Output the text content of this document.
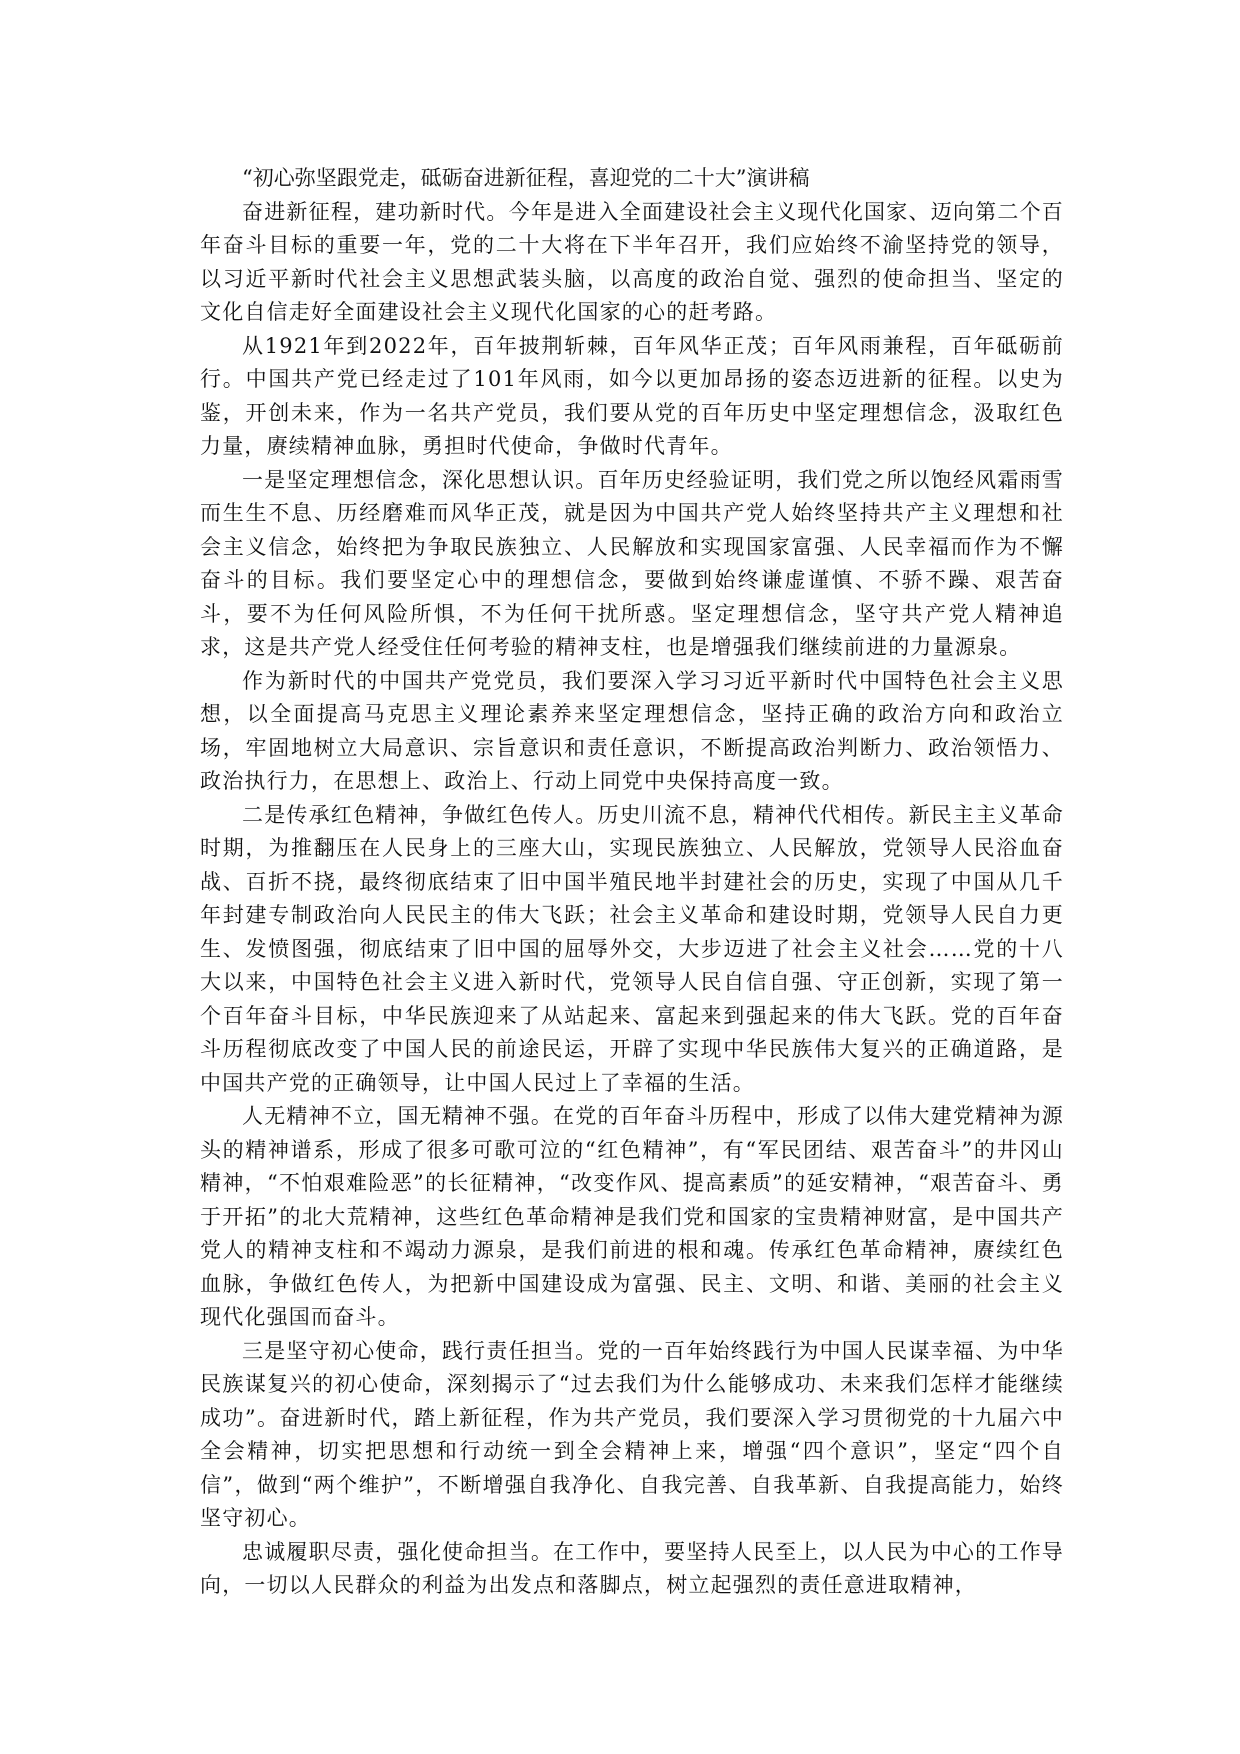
“初心弥坚跟党走，砥砺奋进新征程，喜迎党的二十大”演讲稿

奋进新征程，建功新时代。今年是进入全面建设社会主义现代化国家、迈向第二个百年奋斗目标的重要一年，党的二十大将在下半年召开，我们应始终不渝坚持党的领导，以习近平新时代社会主义思想武装头脑，以高度的政治自觉、强烈的使命担当、坚定的文化自信走好全面建设社会主义现代化国家的心的赶考路。

从1921年到2022年，百年披荆斩棘，百年风华正茂；百年风雨兼程，百年砥砺前行。中国共产党已经走过了101年风雨，如今以更加昂扬的姿态迈进新的征程。以史为鉴，开创未来，作为一名共产党员，我们要从党的百年历史中坚定理想信念，汲取红色力量，赓续精神血脉，勇担时代使命，争做时代青年。

一是坚定理想信念，深化思想认识。百年历史经验证明，我们党之所以饱经风霜雨雪而生生不息、历经磨难而风华正茂，就是因为中国共产党人始终坚持共产主义理想和社会主义信念，始终把为争取民族独立、人民解放和实现国家富强、人民幸福而作为不懈奋斗的目标。我们要坚定心中的理想信念，要做到始终谦虚谨慎、不骄不躁、艰苦奋斗，要不为任何风险所惧，不为任何干扰所惑。坚定理想信念，坚守共产党人精神追求，这是共产党人经受住任何考验的精神支柱，也是增强我们继续前进的力量源泉。

作为新时代的中国共产党党员，我们要深入学习习近平新时代中国特色社会主义思想，以全面提高马克思主义理论素养来坚定理想信念，坚持正确的政治方向和政治立场，牢固地树立大局意识、宗旨意识和责任意识，不断提高政治判断力、政治领悟力、政治执行力，在思想上、政治上、行动上同党中央保持高度一致。

二是传承红色精神，争做红色传人。历史川流不息，精神代代相传。新民主主义革命时期，为推翻压在人民身上的三座大山，实现民族独立、人民解放，党领导人民浴血奋战、百折不挠，最终彻底结束了旧中国半殖民地半封建社会的历史，实现了中国从几千年封建专制政治向人民民主的伟大飞跃；社会主义革命和建设时期，党领导人民自力更生、发愤图强，彻底结束了旧中国的屈辱外交，大步迈进了社会主义社会……党的十八大以来，中国特色社会主义进入新时代，党领导人民自信自强、守正创新，实现了第一个百年奋斗目标，中华民族迎来了从站起来、富起来到强起来的伟大飞跃。党的百年奋斗历程彻底改变了中国人民的前途民运，开辟了实现中华民族伟大复兴的正确道路，是中国共产党的正确领导，让中国人民过上了幸福的生活。

人无精神不立，国无精神不强。在党的百年奋斗历程中，形成了以伟大建党精神为源头的精神谱系，形成了很多可歌可泣的“红色精神”，有“军民团结、艰苦奋斗”的井冈山精神，“不怕艰难险恶”的长征精神，“改变作风、提高素质”的延安精神，“艰苦奋斗、勇于开拓”的北大荒精神，这些红色革命精神是我们党和国家的宝贵精神财富，是中国共产党人的精神支柱和不竭动力源泉，是我们前进的根和魂。传承红色革命精神，赓续红色血脉，争做红色传人，为把新中国建设成为富强、民主、文明、和谐、美丽的社会主义现代化强国而奋斗。

三是坚守初心使命，践行责任担当。党的一百年始终践行为中国人民谋幸福、为中华民族谋复兴的初心使命，深刻揭示了“过去我们为什么能够成功、未来我们怎样才能继续成功”。奋进新时代，踏上新征程，作为共产党员，我们要深入学习贯彻党的十九届六中全会精神，切实把思想和行动统一到全会精神上来，增强“四个意识”，坚定“四个自信”，做到“两个维护”，不断增强自我净化、自我完善、自我革新、自我提高能力，始终坚守初心。

忠诚履职尽责，强化使命担当。在工作中，要坚持人民至上，以人民为中心的工作导向，一切以人民群众的利益为出发点和落脚点，树立起强烈的责任意进取精神，
